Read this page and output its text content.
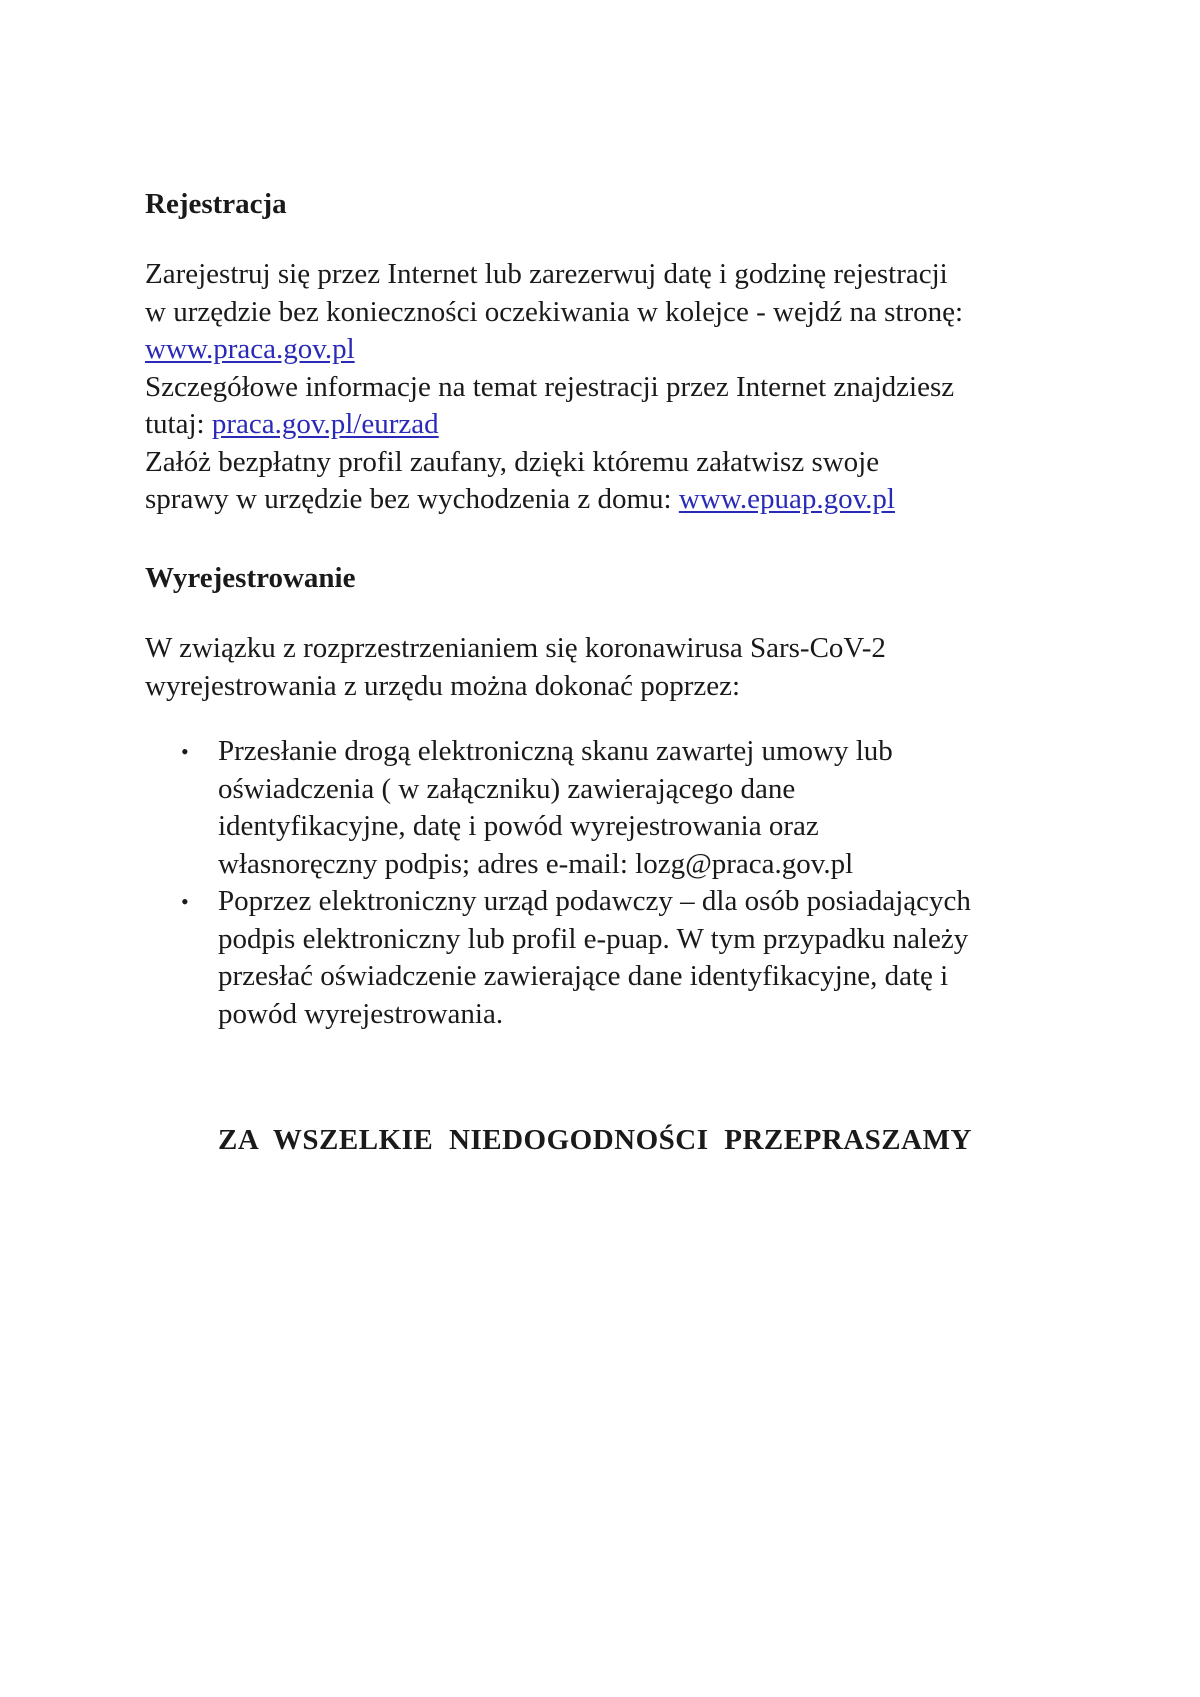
Rejestracja

Zarejestruj się przez Internet lub zarezerwuj datę i godzinę rejestracji
w urzędzie bez konieczności oczekiwania w kolejce - wejdź na stronę:
www.praca.gov.pl
Szczegółowe informacje na temat rejestracji przez Internet znajdziesz
tutaj: praca.gov.pl/eurzad
Załóż bezpłatny profil zaufany, dzięki któremu załatwisz swoje
sprawy w urzędzie bez wychodzenia z domu: www.epuap.gov.pl

Wyrejestrowanie

W związku z rozprzestrzenianiem się koronawirusa Sars-CoV-2
wyrejestrowania z urzędu można dokonać poprzez:

• Przesłanie drogą elektroniczną skanu zawartej umowy lub
oświadczenia ( w załączniku) zawierającego dane
identyfikacyjne, datę i powód wyrejestrowania oraz
własnoręczny podpis; adres e-mail: lozg@praca.gov.pl
• Poprzez elektroniczny urząd podawczy – dla osób posiadających
podpis elektroniczny lub profil e-puap. W tym przypadku należy
przesłać oświadczenie zawierające dane identyfikacyjne, datę i
powód wyrejestrowania.

ZA WSZELKIE NIEDOGODNOŚCI PRZEPRASZAMY
